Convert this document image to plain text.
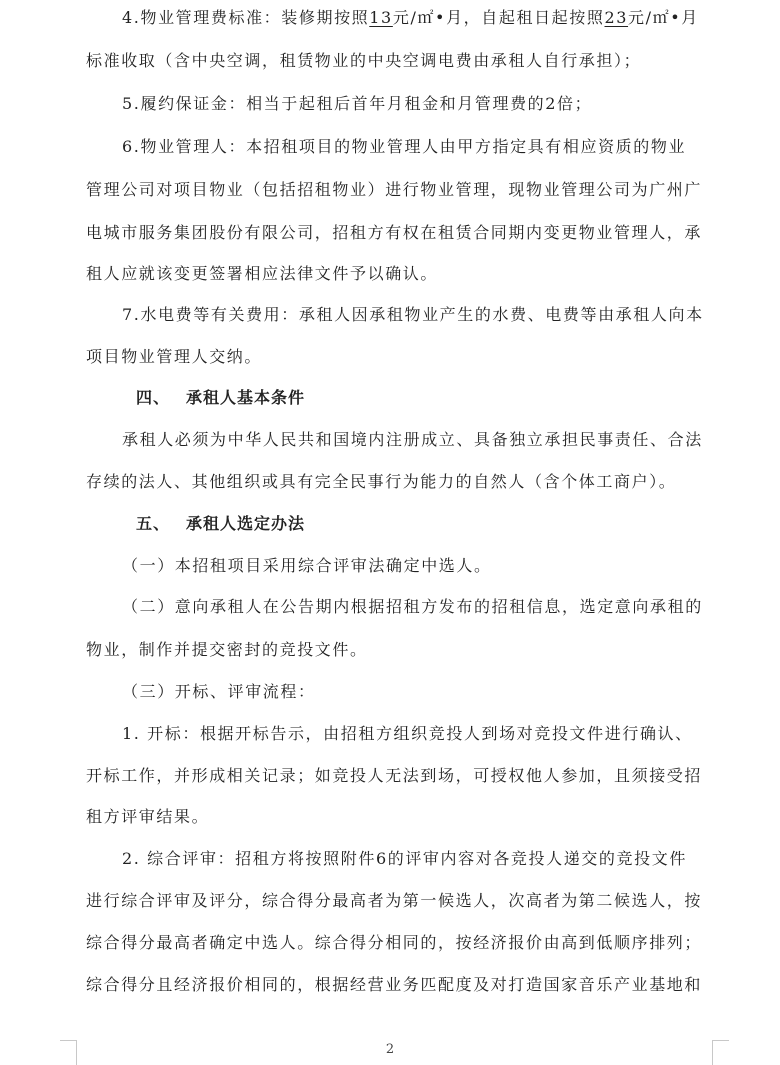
4.物业管理费标准：装修期按照13元/㎡•月，自起租日起按照23元/㎡•月
标准收取（含中央空调，租赁物业的中央空调电费由承租人自行承担）；
5.履约保证金：相当于起租后首年月租金和月管理费的2倍；
6.物业管理人：本招租项目的物业管理人由甲方指定具有相应资质的物业
管理公司对项目物业（包括招租物业）进行物业管理，现物业管理公司为广州广
电城市服务集团股份有限公司，招租方有权在租赁合同期内变更物业管理人，承
租人应就该变更签署相应法律文件予以确认。
7.水电费等有关费用：承租人因承租物业产生的水费、电费等由承租人向本
项目物业管理人交纳。
四、 承租人基本条件
承租人必须为中华人民共和国境内注册成立、具备独立承担民事责任、合法
存续的法人、其他组织或具有完全民事行为能力的自然人（含个体工商户）。
五、 承租人选定办法
（一）本招租项目采用综合评审法确定中选人。
（二）意向承租人在公告期内根据招租方发布的招租信息，选定意向承租的
物业，制作并提交密封的竞投文件。
（三）开标、评审流程：
1. 开标：根据开标告示，由招租方组织竞投人到场对竞投文件进行确认、
开标工作，并形成相关记录；如竞投人无法到场，可授权他人参加，且须接受招
租方评审结果。
2. 综合评审：招租方将按照附件6的评审内容对各竞投人递交的竞投文件
进行综合评审及评分，综合得分最高者为第一候选人，次高者为第二候选人，按
综合得分最高者确定中选人。综合得分相同的，按经济报价由高到低顺序排列；
综合得分且经济报价相同的，根据经营业务匹配度及对打造国家音乐产业基地和
2
